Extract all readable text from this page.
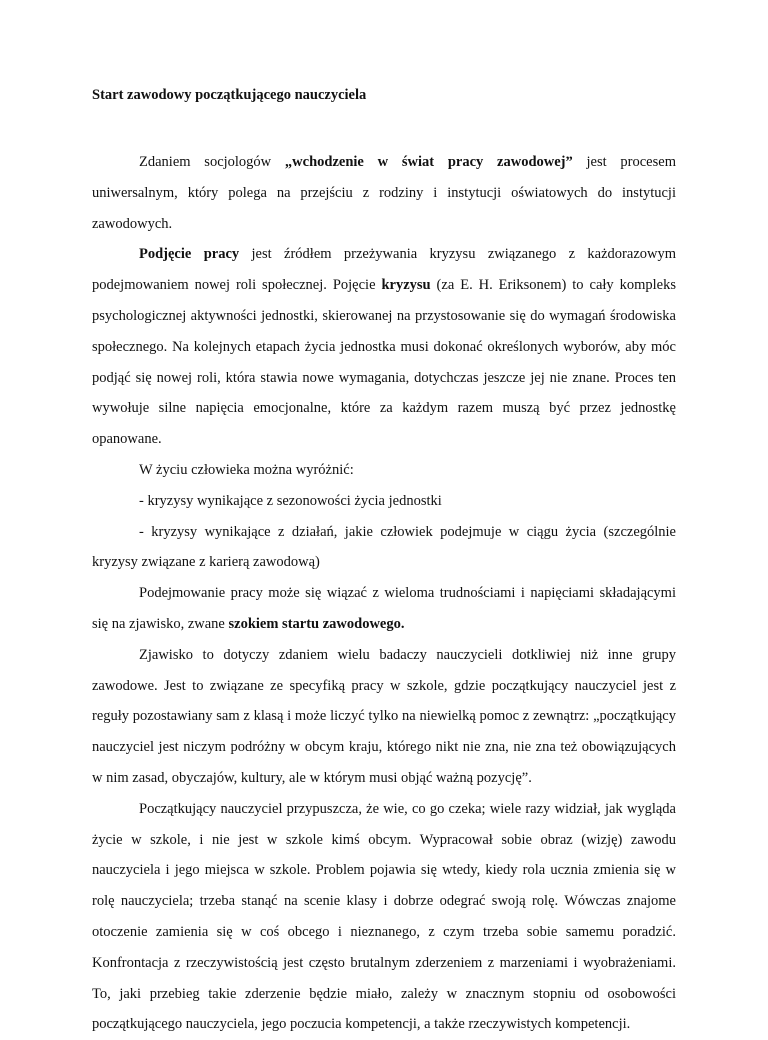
Start zawodowy początkującego nauczyciela

Zdaniem socjologów „wchodzenie w świat pracy zawodowej” jest procesem uniwersalnym, który polega na przejściu z rodziny i instytucji oświatowych do instytucji zawodowych.

Podjęcie pracy jest źródłem przeżywania kryzysu związanego z każdorazowym podejmowaniem nowej roli społecznej. Pojęcie kryzysu (za E. H. Eriksonem) to cały kompleks psychologicznej aktywności jednostki, skierowanej na przystosowanie się do wymagań środowiska społecznego. Na kolejnych etapach życia jednostka musi dokonać określonych wyborów, aby móc podjąć się nowej roli, która stawia nowe wymagania, dotychczas jeszcze jej nie znane. Proces ten wywołuje silne napięcia emocjonalne, które za każdym razem muszą być przez jednostkę opanowane.

W życiu człowieka można wyróżnić:

- kryzysy wynikające z sezonowości życia jednostki

- kryzysy wynikające z działań, jakie człowiek podejmuje w ciągu życia (szczególnie kryzysy związane z karierą zawodową)

Podejmowanie pracy może się wiązać z wieloma trudnościami i napięciami składającymi się na zjawisko, zwane szokiem startu zawodowego.

Zjawisko to dotyczy zdaniem wielu badaczy nauczycieli dotkliwiej niż inne grupy zawodowe. Jest to związane ze specyfiką pracy w szkole, gdzie początkujący nauczyciel jest z reguły pozostawiany sam z klasą i może liczyć tylko na niewielką pomoc z zewnątrz: „początkujący nauczyciel jest niczym podróżny w obcym kraju, którego nikt nie zna, nie zna też obowiązujących w nim zasad, obyczajów, kultury, ale w którym musi objąć ważną pozycję”.

Początkujący nauczyciel przypuszcza, że wie, co go czeka; wiele razy widział, jak wygląda życie w szkole, i nie jest w szkole kimś obcym. Wypracował sobie obraz (wizję) zawodu nauczyciela i jego miejsca w szkole. Problem pojawia się wtedy, kiedy rola ucznia zmienia się w rolę nauczyciela; trzeba stanąć na scenie klasy i dobrze odegrać swoją rolę. Wówczas znajome otoczenie zamienia się w coś obcego i nieznanego, z czym trzeba sobie samemu poradzić. Konfrontacja z rzeczywistością jest często brutalnym zderzeniem z marzeniami i wyobrażeniami. To, jaki przebieg takie zderzenie będzie miało, zależy w znacznym stopniu od osobowości początkującego nauczyciela, jego poczucia kompetencji, a także rzeczywistych kompetencji.
